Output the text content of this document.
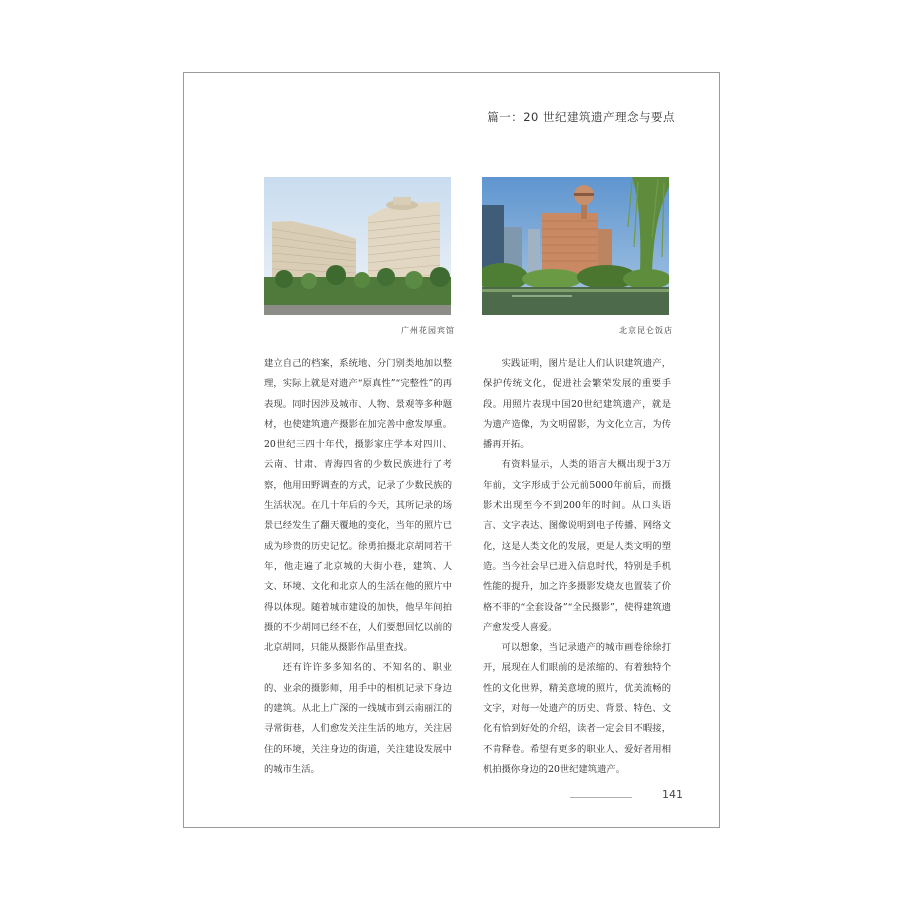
篇一：20 世纪建筑遗产理念与要点
广州花园宾馆	北京昆仑饭店

建立自己的档案，系统地、分门别类地加以整理，实际上就是对遗产“原真性”“完整性”的再表现。同时因涉及城市、人物、景观等多种题材，也使建筑遗产摄影在加完善中愈发厚重。20世纪三四十年代，摄影家庄学本对四川、云南、甘肃、青海四省的少数民族进行了考察，他用田野调查的方式，记录了少数民族的生活状况。在几十年后的今天，其所记录的场景已经发生了翻天覆地的变化，当年的照片已成为珍贵的历史记忆。徐勇拍摄北京胡同若干年，他走遍了北京城的大街小巷，建筑、人文、环境、文化和北京人的生活在他的照片中得以体现。随着城市建设的加快，他早年间拍摄的不少胡同已经不在，人们要想回忆以前的北京胡同，只能从摄影作品里查找。

还有许许多多知名的、不知名的、职业的、业余的摄影师，用手中的相机记录下身边的建筑。从北上广深的一线城市到云南丽江的寻常街巷，人们愈发关注生活的地方，关注居住的环境，关注身边的街道，关注建设发展中的城市生活。

实践证明，图片是让人们认识建筑遗产，保护传统文化，促进社会繁荣发展的重要手段。用照片表现中国20世纪建筑遗产，就是为遗产造像，为文明留影，为文化立言，为传播再开拓。

有资料显示，人类的语言大概出现于3万年前，文字形成于公元前5000年前后，而摄影术出现至今不到200年的时间。从口头语言、文字表达、图像说明到电子传播、网络文化，这是人类文化的发展，更是人类文明的塑造。当今社会早已进入信息时代，特别是手机性能的提升，加之许多摄影发烧友也置装了价格不菲的“全套设备”“全民摄影”，使得建筑遗产愈发受人喜爱。

可以想象，当记录遗产的城市画卷徐徐打开，展现在人们眼前的是浓缩的、有着独特个性的文化世界，精美意境的照片，优美流畅的文字，对每一处遗产的历史、背景、特色、文化有恰到好处的介绍，读者一定会目不暇接，不肯释卷。希望有更多的职业人、爱好者用相机拍摄你身边的20世纪建筑遗产。

141
